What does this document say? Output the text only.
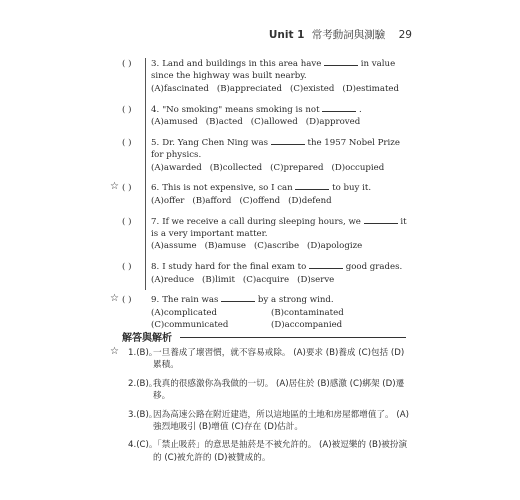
Unit 1 常考動詞與測驗 29
( )	3. Land and buildings in this area have	in value since the highway was built nearby.
(A)fascinated (B)appreciated (C)existed (D)estimated
( )	4. "No smoking" means smoking is not	.
(A)amused (B)acted (C)allowed (D)approved
( )	5. Dr. Yang Chen Ning was	the 1957 Nobel Prize for physics.
(A)awarded (B)collected (C)prepared (D)occupied
☆ ( )	6. This is not expensive, so I can	to buy it.
(A)offer (B)afford (C)offend (D)defend
( )	7. If we receive a call during sleeping hours, we	it is a very important matter.
(A)assume (B)amuse (C)ascribe (D)apologize
( )	8. I study hard for the final exam to	good grades.
(A)reduce (B)limit (C)acquire (D)serve
☆ ( )	9. The rain was	by a strong wind.
(A)complicated	(B)contaminated
(C)communicated	(D)accompanied
解答與解析
☆ 1.(B)。
一旦養成了壞習慣，就不容易戒除。 (A)要求 (B)養成 (C)包括 (D)累積。
2.(B)。
我真的很感激你為我做的一切。 (A)居住於 (B)感激 (C)綁架 (D)遷移。
3.(B)。
因為高速公路在附近建造，所以這地區的土地和房屋都增值了。 (A)強烈地吸引 (B)增值 (C)存在 (D)估計。
4.(C)。
「禁止吸菸」的意思是抽菸是不被允許的。 (A)被逗樂的 (B)被扮演的 (C)被允許的 (D)被贊成的。
